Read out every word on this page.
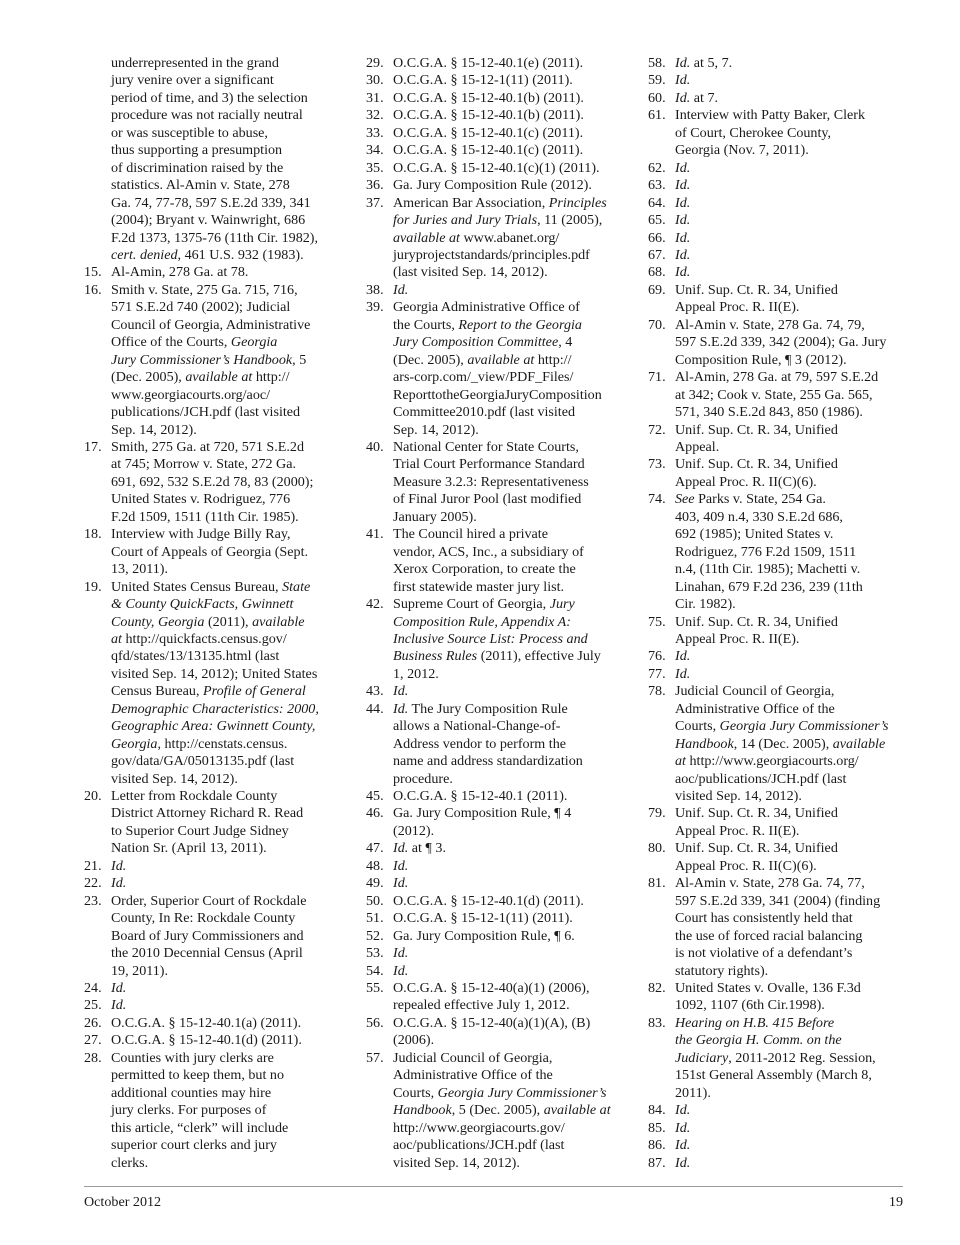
underrepresented in the grand
jury venire over a significant
period of time, and 3) the selection
procedure was not racially neutral
or was susceptible to abuse,
thus supporting a presumption
of discrimination raised by the
statistics. Al-Amin v. State, 278
Ga. 74, 77-78, 597 S.E.2d 339, 341
(2004); Bryant v. Wainwright, 686
F.2d 1373, 1375-76 (11th Cir. 1982),
cert. denied, 461 U.S. 932 (1983).
15. Al-Amin, 278 Ga. at 78.
16. Smith v. State, 275 Ga. 715, 716,
571 S.E.2d 740 (2002); Judicial
Council of Georgia, Administrative
Office of the Courts, Georgia
Jury Commissioner’s Handbook, 5
(Dec. 2005), available at http://
www.georgiacourts.org/aoc/
publications/JCH.pdf (last visited
Sep. 14, 2012).
17. Smith, 275 Ga. at 720, 571 S.E.2d
at 745; Morrow v. State, 272 Ga.
691, 692, 532 S.E.2d 78, 83 (2000);
United States v. Rodriguez, 776
F.2d 1509, 1511 (11th Cir. 1985).
18. Interview with Judge Billy Ray,
Court of Appeals of Georgia (Sept.
13, 2011).
19. United States Census Bureau, State
& County QuickFacts, Gwinnett
County, Georgia (2011), available
at http://quickfacts.census.gov/
qfd/states/13/13135.html (last
visited Sep. 14, 2012); United States
Census Bureau, Profile of General
Demographic Characteristics: 2000,
Geographic Area: Gwinnett County,
Georgia, http://censtats.census.
gov/data/GA/05013135.pdf (last
visited Sep. 14, 2012).
20. Letter from Rockdale County
District Attorney Richard R. Read
to Superior Court Judge Sidney
Nation Sr. (April 13, 2011).
21. Id.
22. Id.
23. Order, Superior Court of Rockdale
County, In Re: Rockdale County
Board of Jury Commissioners and
the 2010 Decennial Census (April
19, 2011).
24. Id.
25. Id.
26. O.C.G.A. § 15-12-40.1(a) (2011).
27. O.C.G.A. § 15-12-40.1(d) (2011).
28. Counties with jury clerks are
permitted to keep them, but no
additional counties may hire
jury clerks. For purposes of
this article, “clerk” will include
superior court clerks and jury
clerks.
29. O.C.G.A. § 15-12-40.1(e) (2011).
30. O.C.G.A. § 15-12-1(11) (2011).
31. O.C.G.A. § 15-12-40.1(b) (2011).
32. O.C.G.A. § 15-12-40.1(b) (2011).
33. O.C.G.A. § 15-12-40.1(c) (2011).
34. O.C.G.A. § 15-12-40.1(c) (2011).
35. O.C.G.A. § 15-12-40.1(c)(1) (2011).
36. Ga. Jury Composition Rule (2012).
37. American Bar Association, Principles
for Juries and Jury Trials, 11 (2005),
available at www.abanet.org/
juryprojectstandards/principles.pdf
(last visited Sep. 14, 2012).
38. Id.
39. Georgia Administrative Office of
the Courts, Report to the Georgia
Jury Composition Committee, 4
(Dec. 2005), available at http://
ars-corp.com/_view/PDF_Files/
ReporttotheGeorgiaJuryComposition
Committee2010.pdf (last visited
Sep. 14, 2012).
40. National Center for State Courts,
Trial Court Performance Standard
Measure 3.2.3: Representativeness
of Final Juror Pool (last modified
January 2005).
41. The Council hired a private
vendor, ACS, Inc., a subsidiary of
Xerox Corporation, to create the
first statewide master jury list.
42. Supreme Court of Georgia, Jury
Composition Rule, Appendix A:
Inclusive Source List: Process and
Business Rules (2011), effective July
1, 2012.
43. Id.
44. Id. The Jury Composition Rule
allows a National-Change-of-
Address vendor to perform the
name and address standardization
procedure.
45. O.C.G.A. § 15-12-40.1 (2011).
46. Ga. Jury Composition Rule, ¶ 4
(2012).
47. Id. at ¶ 3.
48. Id.
49. Id.
50. O.C.G.A. § 15-12-40.1(d) (2011).
51. O.C.G.A. § 15-12-1(11) (2011).
52. Ga. Jury Composition Rule, ¶ 6.
53. Id.
54. Id.
55. O.C.G.A. § 15-12-40(a)(1) (2006),
repealed effective July 1, 2012.
56. O.C.G.A. § 15-12-40(a)(1)(A), (B)
(2006).
57. Judicial Council of Georgia,
Administrative Office of the
Courts, Georgia Jury Commissioner’s
Handbook, 5 (Dec. 2005), available at
http://www.georgiacourts.gov/
aoc/publications/JCH.pdf (last
visited Sep. 14, 2012).
58. Id. at 5, 7.
59. Id.
60. Id. at 7.
61. Interview with Patty Baker, Clerk
of Court, Cherokee County,
Georgia (Nov. 7, 2011).
62. Id.
63. Id.
64. Id.
65. Id.
66. Id.
67. Id.
68. Id.
69. Unif. Sup. Ct. R. 34, Unified
Appeal Proc. R. II(E).
70. Al-Amin v. State, 278 Ga. 74, 79,
597 S.E.2d 339, 342 (2004); Ga. Jury
Composition Rule, ¶ 3 (2012).
71. Al-Amin, 278 Ga. at 79, 597 S.E.2d
at 342; Cook v. State, 255 Ga. 565,
571, 340 S.E.2d 843, 850 (1986).
72. Unif. Sup. Ct. R. 34, Unified
Appeal.
73. Unif. Sup. Ct. R. 34, Unified
Appeal Proc. R. II(C)(6).
74. See Parks v. State, 254 Ga.
403, 409 n.4, 330 S.E.2d 686,
692 (1985); United States v.
Rodriguez, 776 F.2d 1509, 1511
n.4, (11th Cir. 1985); Machetti v.
Linahan, 679 F.2d 236, 239 (11th
Cir. 1982).
75. Unif. Sup. Ct. R. 34, Unified
Appeal Proc. R. II(E).
76. Id.
77. Id.
78. Judicial Council of Georgia,
Administrative Office of the
Courts, Georgia Jury Commissioner’s
Handbook, 14 (Dec. 2005), available
at http://www.georgiacourts.org/
aoc/publications/JCH.pdf (last
visited Sep. 14, 2012).
79. Unif. Sup. Ct. R. 34, Unified
Appeal Proc. R. II(E).
80. Unif. Sup. Ct. R. 34, Unified
Appeal Proc. R. II(C)(6).
81. Al-Amin v. State, 278 Ga. 74, 77,
597 S.E.2d 339, 341 (2004) (finding
Court has consistently held that
the use of forced racial balancing
is not violative of a defendant’s
statutory rights).
82. United States v. Ovalle, 136 F.3d
1092, 1107 (6th Cir.1998).
83. Hearing on H.B. 415 Before
the Georgia H. Comm. on the
Judiciary, 2011-2012 Reg. Session,
151st General Assembly (March 8,
2011).
84. Id.
85. Id.
86. Id.
87. Id.
October 2012	19
